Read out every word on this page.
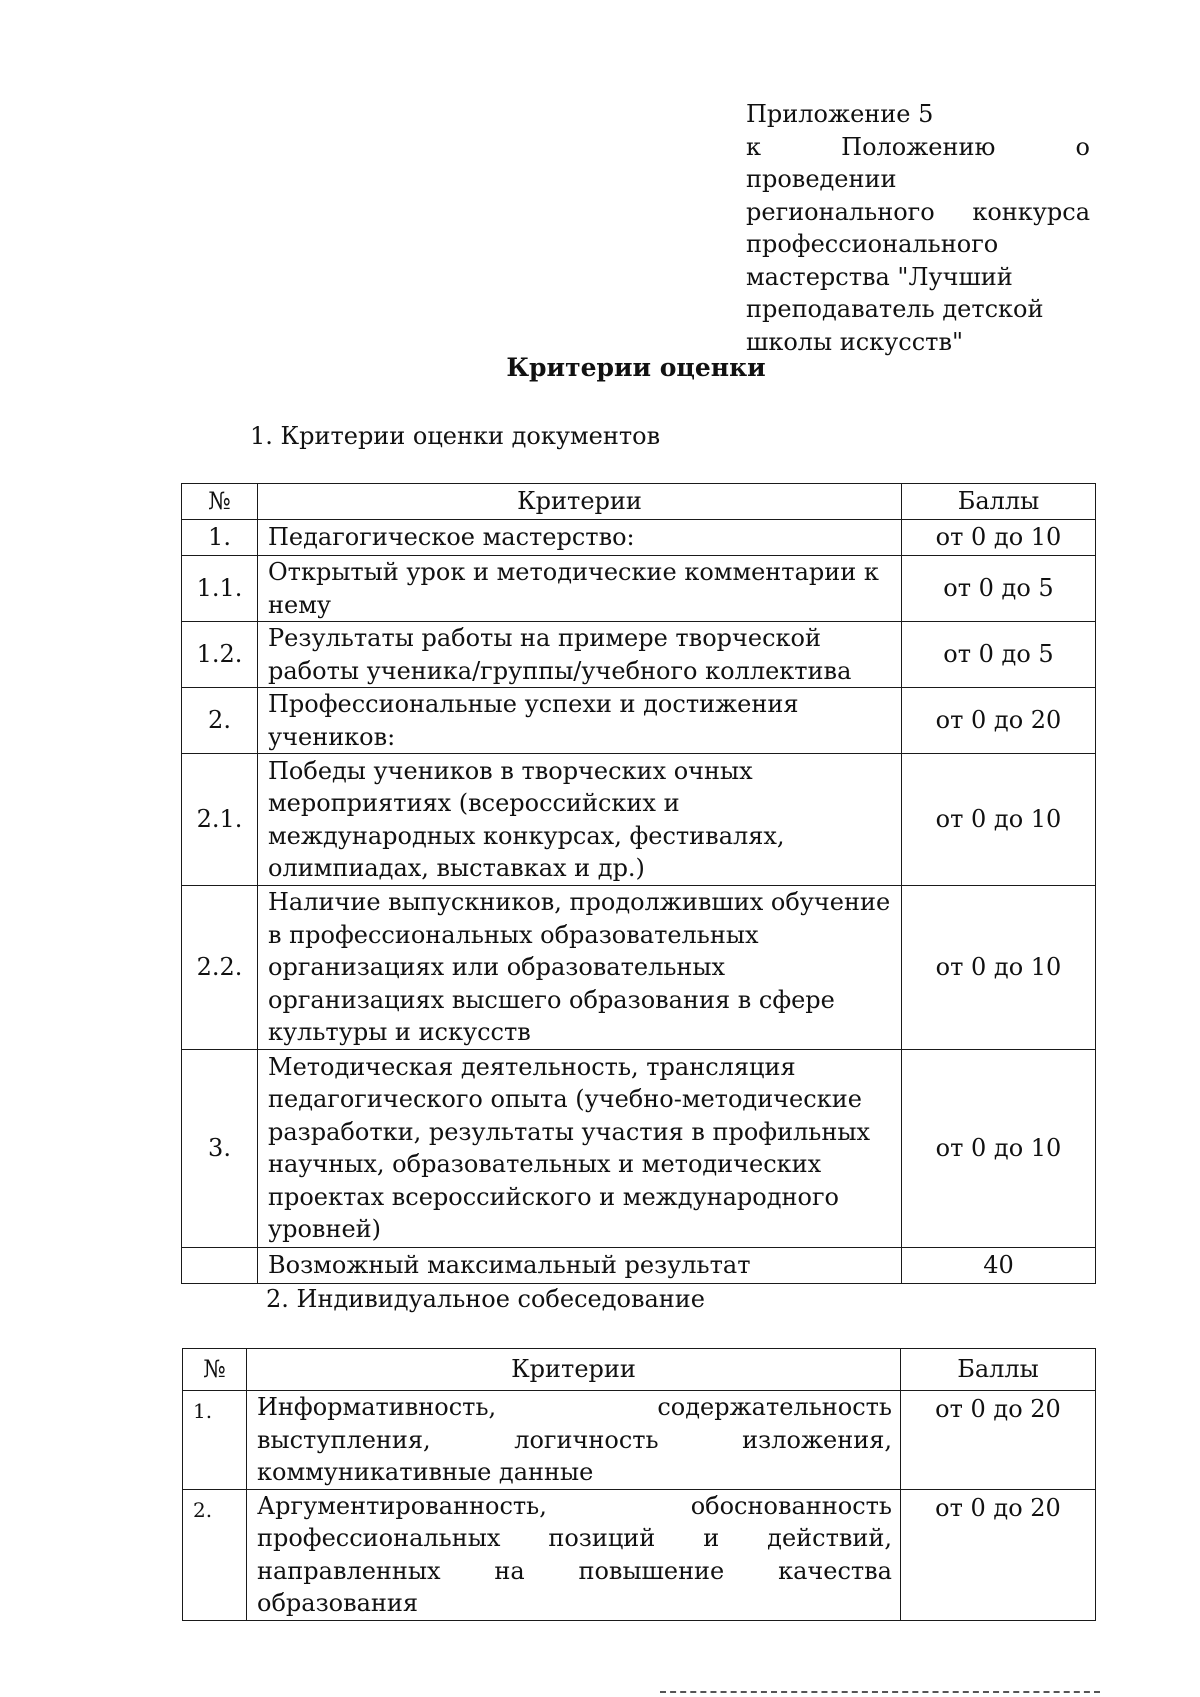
Приложение 5
к Положению о проведении
регионального конкурса
профессионального
мастерства "Лучший
преподаватель детской
школы искусств"
Критерии оценки
1. Критерии оценки документов
№	Критерии	Баллы
1.	Педагогическое мастерство:	от 0 до 10
1.1.	Открытый урок и методические комментарии к нему	от 0 до 5
1.2.	Результаты работы на примере творческой работы ученика/группы/учебного коллектива	от 0 до 5
2.	Профессиональные успехи и достижения учеников:	от 0 до 20
2.1.	Победы учеников в творческих очных мероприятиях (всероссийских и международных конкурсах, фестивалях, олимпиадах, выставках и др.)	от 0 до 10
2.2.	Наличие выпускников, продолживших обучение в профессиональных образовательных организациях или образовательных организациях высшего образования в сфере культуры и искусств	от 0 до 10
3.	Методическая деятельность, трансляция педагогического опыта (учебно-методические разработки, результаты участия в профильных научных, образовательных и методических проектах всероссийского и международного уровней)	от 0 до 10
	Возможный максимальный результат	40
2. Индивидуальное собеседование
№	Критерии	Баллы
1.	Информативность, содержательность выступления, логичность изложения, коммуникативные данные	от 0 до 20
2.	Аргументированность, обоснованность профессиональных позиций и действий, направленных на повышение качества образования	от 0 до 20
